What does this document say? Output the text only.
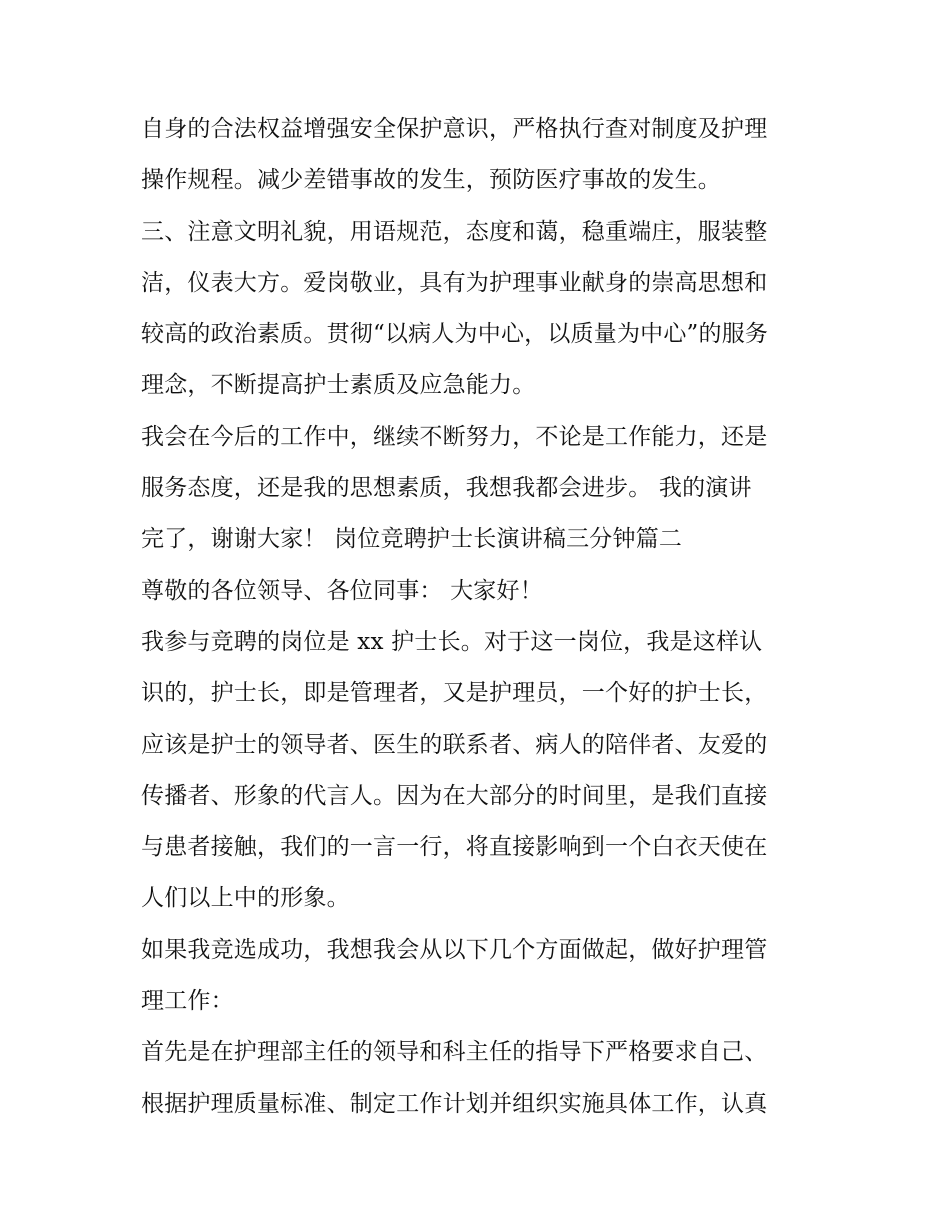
自身的合法权益增强安全保护意识，严格执行查对制度及护理
操作规程。减少差错事故的发生，预防医疗事故的发生。
三、注意文明礼貌，用语规范，态度和蔼，稳重端庄，服装整
洁，仪表大方。爱岗敬业，具有为护理事业献身的崇高思想和
较高的政治素质。贯彻“以病人为中心，以质量为中心”的服务
理念，不断提高护士素质及应急能力。
我会在今后的工作中，继续不断努力，不论是工作能力，还是
服务态度，还是我的思想素质，我想我都会进步。 我的演讲
完了，谢谢大家！ 岗位竞聘护士长演讲稿三分钟篇二
尊敬的各位领导、各位同事： 大家好！
我参与竞聘的岗位是 xx 护士长。对于这一岗位，我是这样认
识的，护士长，即是管理者，又是护理员，一个好的护士长，
应该是护士的领导者、医生的联系者、病人的陪伴者、友爱的
传播者、形象的代言人。因为在大部分的时间里，是我们直接
与患者接触，我们的一言一行，将直接影响到一个白衣天使在
人们以上中的形象。
如果我竞选成功，我想我会从以下几个方面做起，做好护理管
理工作：
首先是在护理部主任的领导和科主任的指导下严格要求自己、
根据护理质量标准、制定工作计划并组织实施具体工作，认真
